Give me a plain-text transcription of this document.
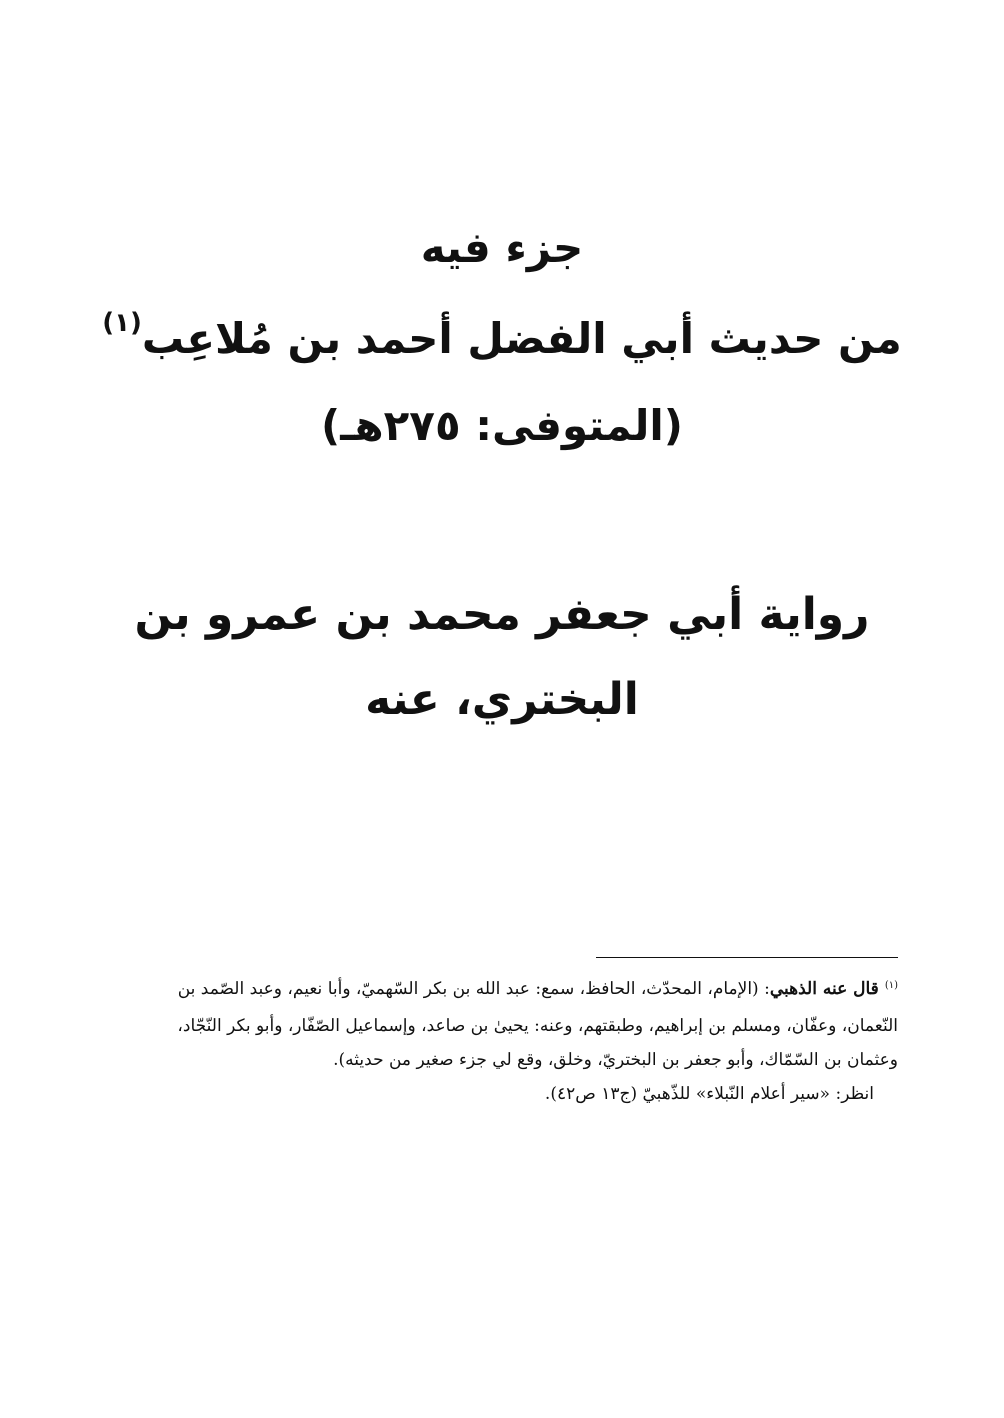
جزء فيه
من حديث أبي الفضل أحمد بن مُلاعِب$^{(١)}$
(المتوفى: ٢٧٥هـ)
رواية أبي جعفر محمد بن عمرو بن
البختري، عنه
$^{(١)}$قال عنه الذهبي: (الإمام، المحدّث، الحافظ، سمع: عبد الله بن بكر السّهميّ، وأبا نعيم، وعبد الصّمد بن
النّعمان، وعفّان، ومسلم بن إبراهيم، وطبقتهم، وعنه: يحيىٰ بن صاعد، وإسماعيل الصّفّار، وأبو بكر النّجّاد،
وعثمان بن السّمّاك، وأبو جعفر بن البختريّ، وخلق، وقع لي جزء صغير من حديثه).
انظر: «سير أعلام النّبلاء» للذّهبيّ (ج١٣ ص٤٢).
